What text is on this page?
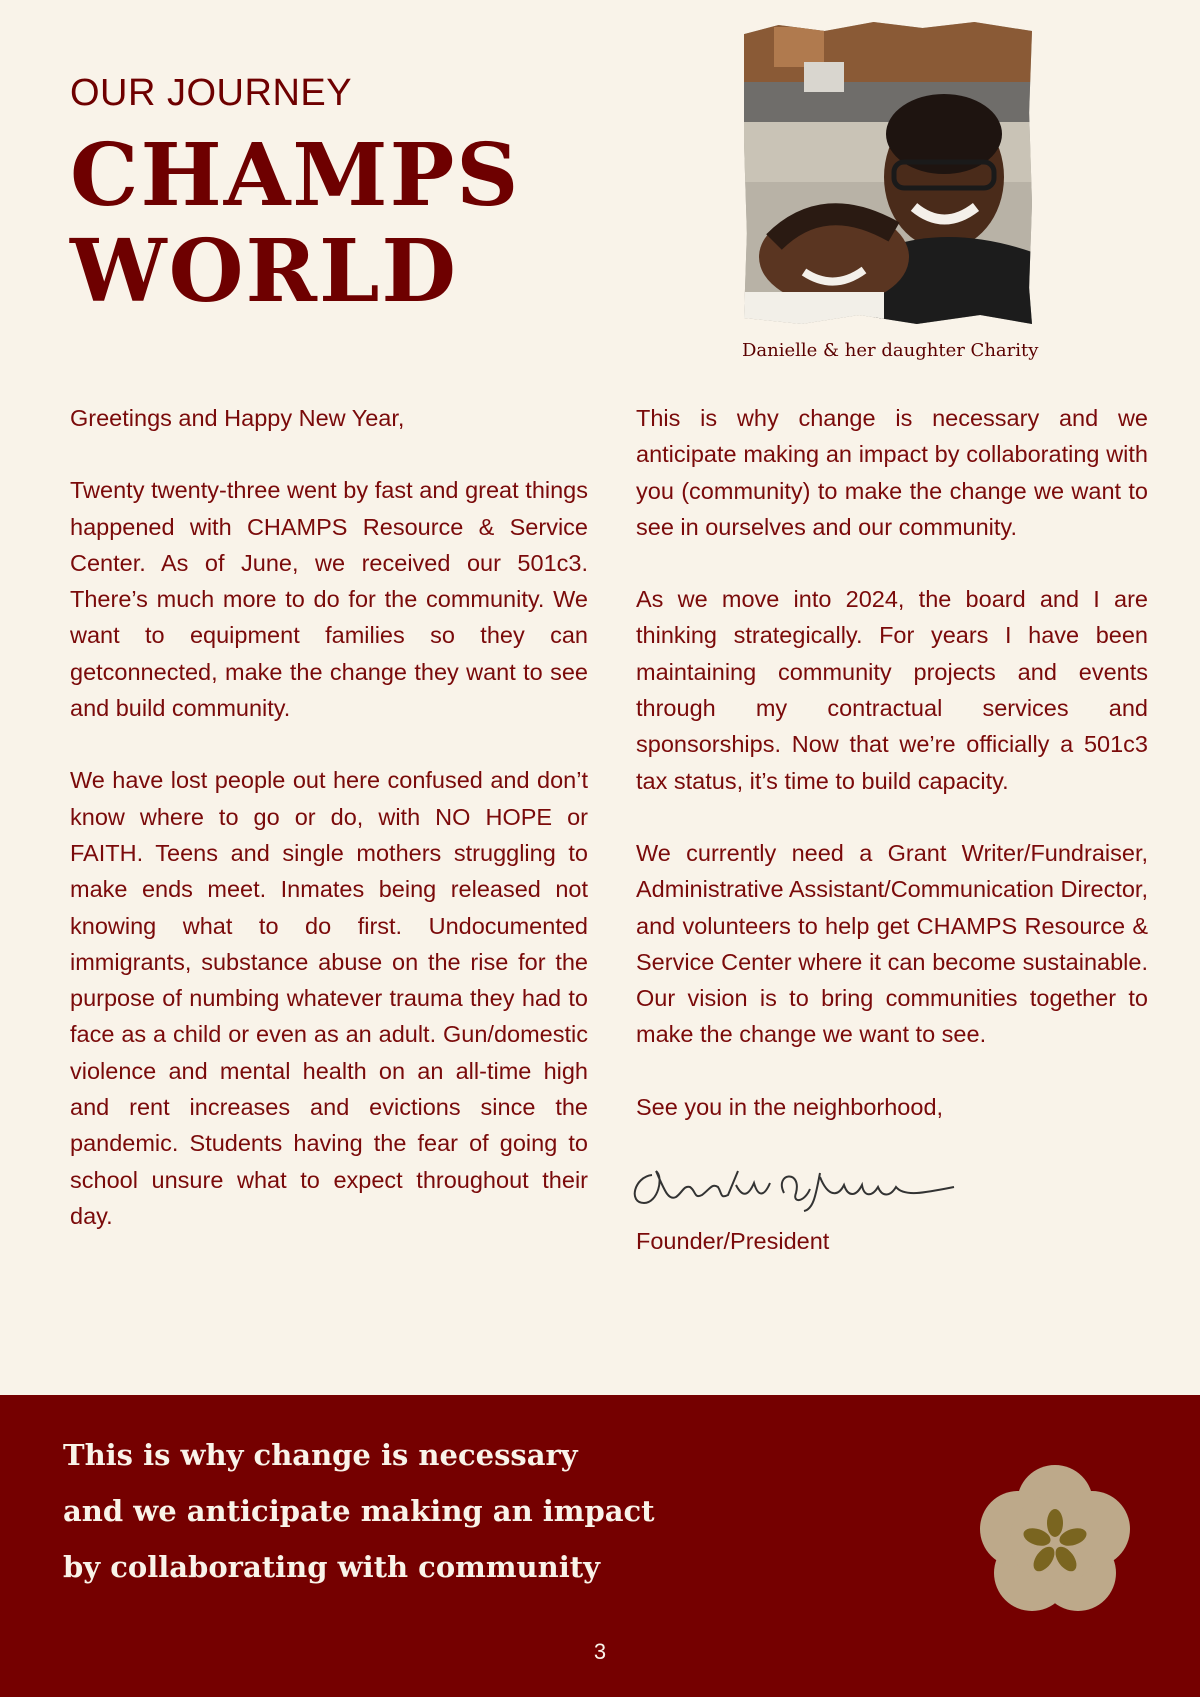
OUR JOURNEY
CHAMPS
WORLD
Danielle & her daughter Charity

Greetings and Happy New Year,

Twenty twenty-three went by fast and great things happened with CHAMPS Resource & Service Center. As of June, we received our 501c3. There’s much more to do for the community. We want to equipment families so they can getconnected, make the change they want to see and build community.

We have lost people out here confused and don’t know where to go or do, with NO HOPE or FAITH. Teens and single mothers struggling to make ends meet. Inmates being released not knowing what to do first. Undocumented immigrants, substance abuse on the rise for the purpose of numbing whatever trauma they had to face as a child or even as an adult. Gun/domestic violence and mental health on an all-time high and rent increases and evictions since the pandemic. Students having the fear of going to school unsure what to expect throughout their day.

This is why change is necessary and we anticipate making an impact by collaborating with you (community) to make the change we want to see in ourselves and our community.

As we move into 2024, the board and I are thinking strategically. For years I have been maintaining community projects and events through my contractual services and sponsorships. Now that we’re officially a 501c3 tax status, it’s time to build capacity.

We currently need a Grant Writer/Fundraiser, Administrative Assistant/Communication Director, and volunteers to help get CHAMPS Resource & Service Center where it can become sustainable. Our vision is to bring communities together to make the change we want to see.

See you in the neighborhood,

Founder/President

This is why change is necessary
and we anticipate making an impact
by collaborating with community
3
